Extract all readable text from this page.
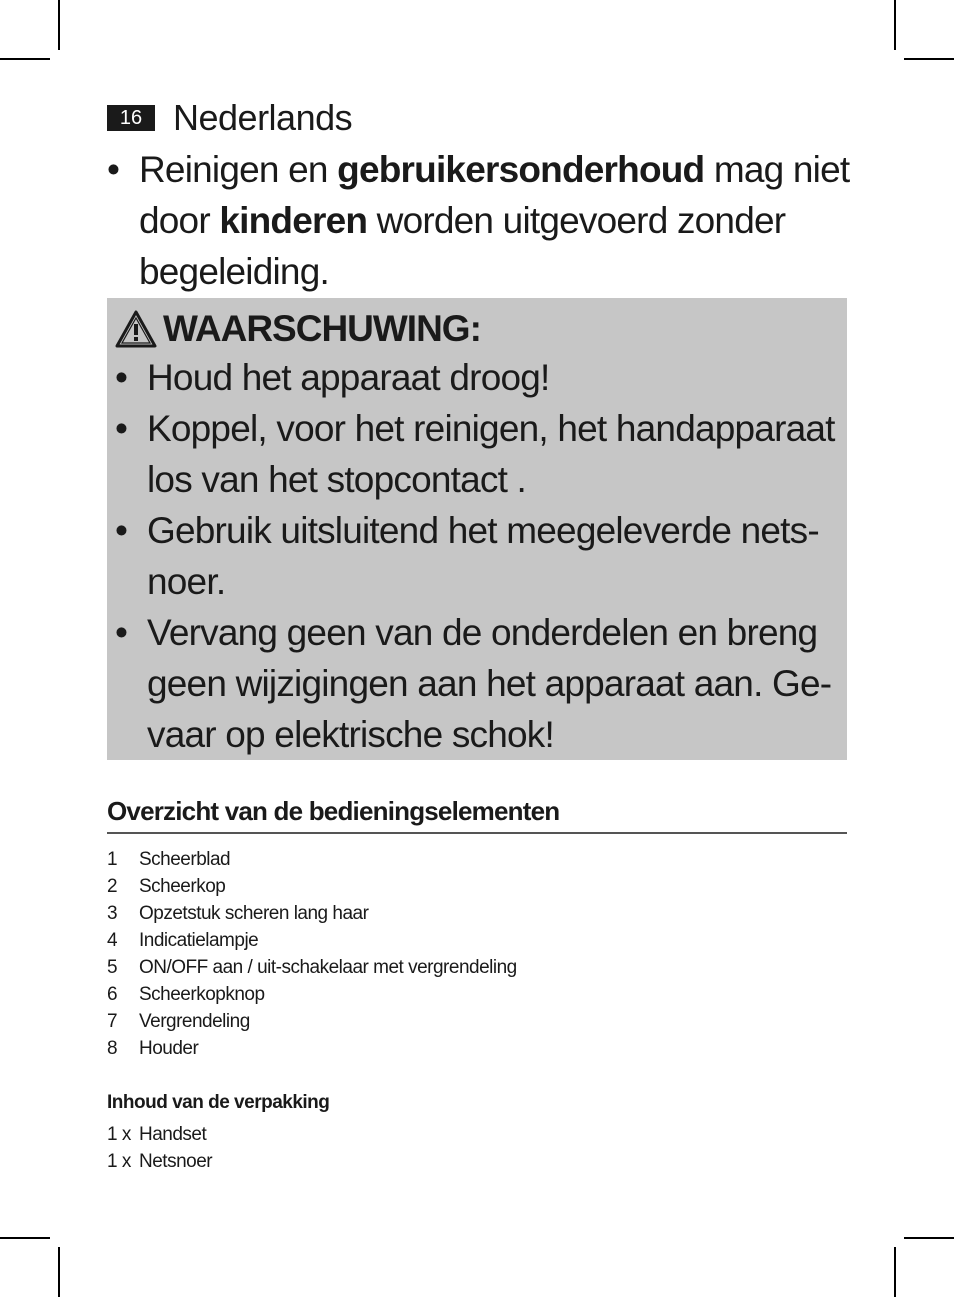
16 Nederlands
• Reinigen en gebruikersonderhoud mag niet door kinderen worden uitgevoerd zonder begeleiding.
WAARSCHUWING:
• Houd het apparaat droog!
• Koppel, voor het reinigen, het handapparaat los van het stopcontact .
• Gebruik uitsluitend het meegeleverde nets-noer.
• Vervang geen van de onderdelen en breng geen wijzigingen aan het apparaat aan. Ge-vaar op elektrische schok!
Overzicht van de bedieningselementen
1	Scheerblad
2	Scheerkop
3	Opzetstuk scheren lang haar
4	Indicatielampje
5	ON/OFF aan / uit-schakelaar met vergrendeling
6	Scheerkopknop
7	Vergrendeling
8	Houder
Inhoud van de verpakking
1 x Handset
1 x Netsnoer
